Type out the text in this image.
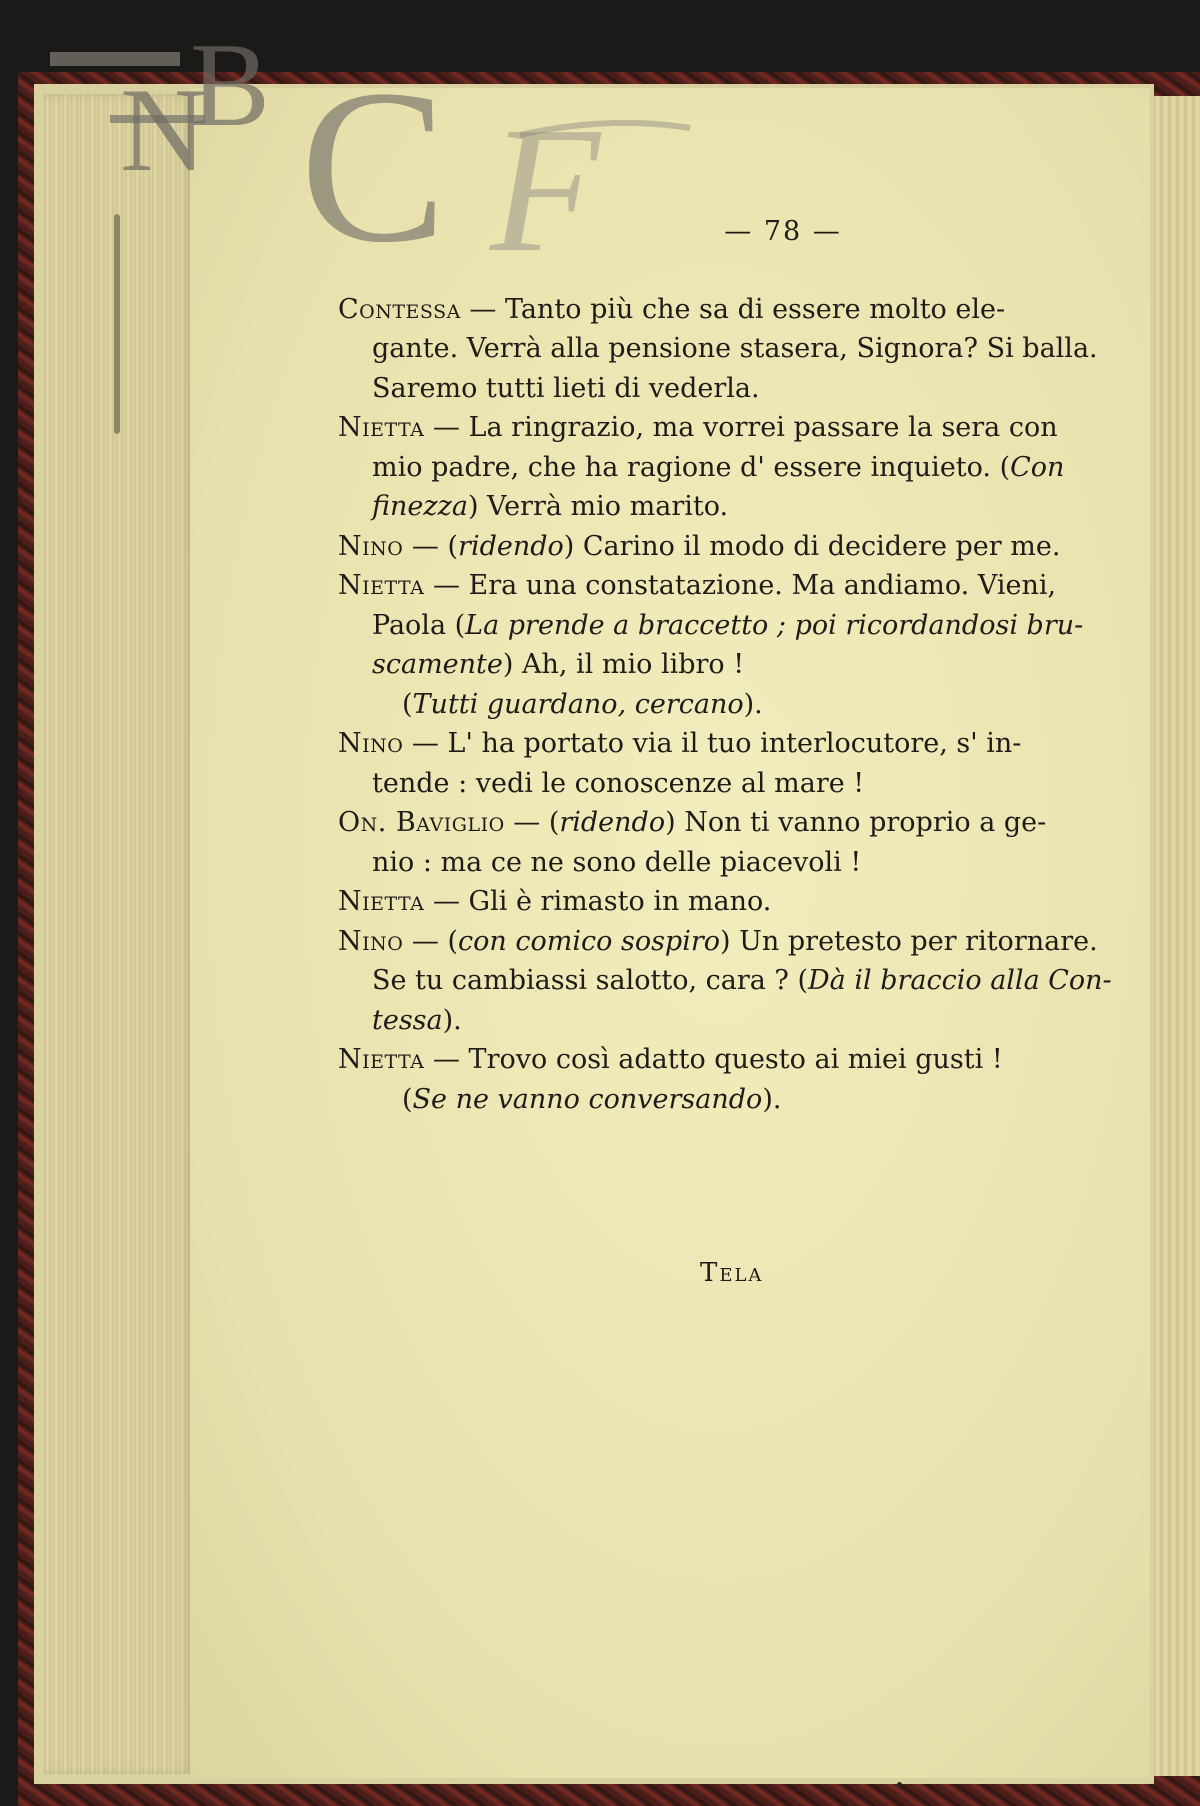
N
B C F	— 78 —
Contessa — Tanto più che sa di essere molto ele-
gante. Verrà alla pensione stasera, Signora? Si balla.
Saremo tutti lieti di vederla.
Nietta — La ringrazio, ma vorrei passare la sera con
mio padre, che ha ragione d' essere inquieto. (Con
finezza) Verrà mio marito.
Nino — (ridendo) Carino il modo di decidere per me.
Nietta — Era una constatazione. Ma andiamo. Vieni,
Paola (La prende a braccetto ; poi ricordandosi bru-
scamente) Ah, il mio libro !
(Tutti guardano, cercano).
Nino — L' ha portato via il tuo interlocutore, s' in-
tende : vedi le conoscenze al mare !
On. Baviglio — (ridendo) Non ti vanno proprio a ge-
nio : ma ce ne sono delle piacevoli !
Nietta — Gli è rimasto in mano.
Nino — (con comico sospiro) Un pretesto per ritornare.
Se tu cambiassi salotto, cara ? (Dà il braccio alla Con-
tessa).
Nietta — Trovo così adatto questo ai miei gusti !
(Se ne vanno conversando).
Tela
